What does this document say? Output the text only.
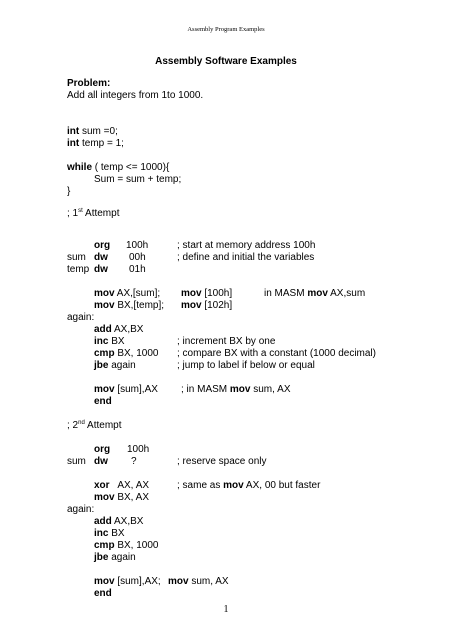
Assembly Program Examples
Assembly Software Examples
Problem:
Add all integers from 1to 1000.
int sum =0;
int temp = 1;
while ( temp <= 1000){
Sum = sum + temp;
}
; 1st Attempt
org 100h	; start at memory address 100h
sum dw 00h	; define and initial the variables
temp dw 01h
mov AX,[sum]; mov [100h]	in MASM mov AX,sum
mov BX,[temp]; mov [102h]
again:
add AX,BX
inc BX	; increment BX by one
cmp BX, 1000 ; compare BX with a constant (1000 decimal)
jbe again	; jump to label if below or equal
mov [sum],AX ; in MASM mov sum, AX
end
; 2nd Attempt
org 100h
sum dw ?	; reserve space only
xor   AX, AX	; same as mov AX, 00 but faster
mov BX, AX
again:
add AX,BX
inc BX
cmp BX, 1000
jbe again
mov [sum],AX; mov sum, AX
end
1
